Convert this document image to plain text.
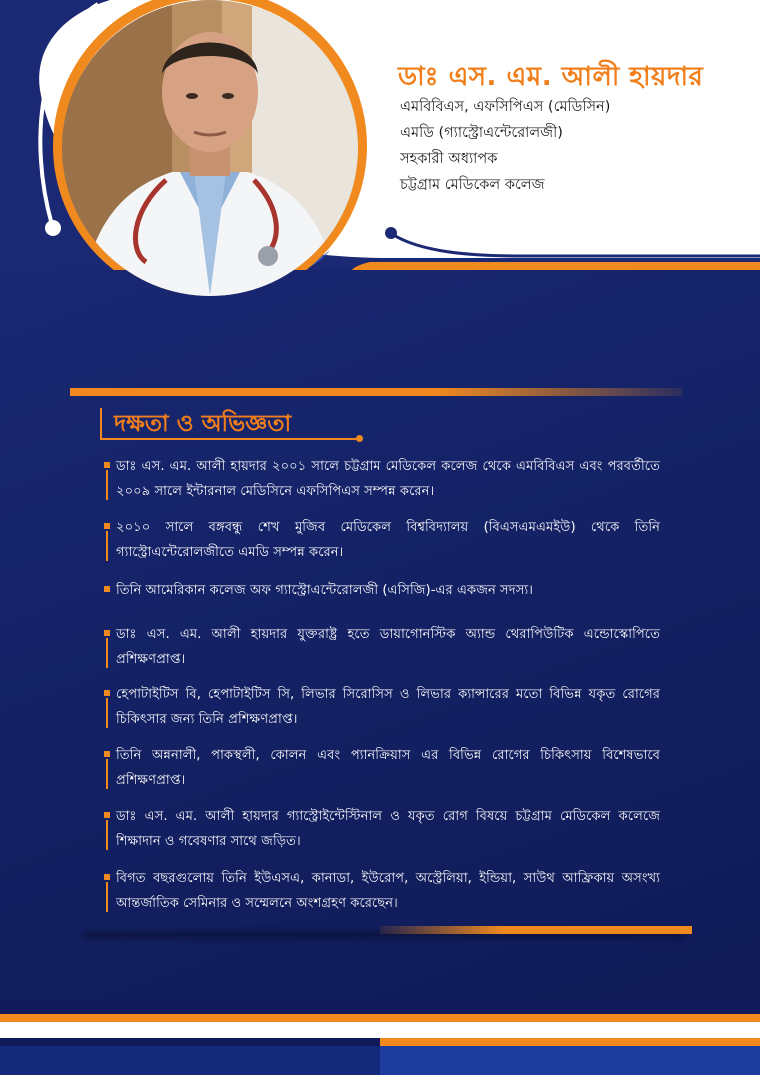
ডাঃ এস. এম. আলী হায়দার
এমবিবিএস, এফসিপিএস (মেডিসিন)
এমডি (গ্যাস্ট্রোএন্টেরোলজী)
সহকারী অধ্যাপক
চট্টগ্রাম মেডিকেল কলেজ
দক্ষতা ও অভিজ্ঞতা
ডাঃ এস. এম. আলী হায়দার ২০০১ সালে চট্টগ্রাম মেডিকেল কলেজ থেকে এমবিবিএস এবং পরবর্তীতে ২০০৯ সালে ইন্টারনাল মেডিসিনে এফসিপিএস সম্পন্ন করেন।
২০১০ সালে বঙ্গবন্ধু শেখ মুজিব মেডিকেল বিশ্ববিদ্যালয় (বিএসএমএমইউ) থেকে তিনি গ্যাস্ট্রোএন্টেরোলজীতে এমডি সম্পন্ন করেন।
তিনি আমেরিকান কলেজ অফ গ্যাস্ট্রোএন্টেরোলজী (এসিজি)-এর একজন সদস্য।
ডাঃ এস. এম. আলী হায়দার যুক্তরাষ্ট্র হতে ডায়াগোনস্টিক অ্যান্ড থেরাপিউটিক এন্ডোস্কোপিতে প্রশিক্ষণপ্রাপ্ত।
হেপাটাইটিস বি, হেপাটাইটিস সি, লিভার সিরোসিস ও লিভার ক্যান্সারের মতো বিভিন্ন যকৃত রোগের চিকিৎসার জন্য তিনি প্রশিক্ষণপ্রাপ্ত।
তিনি অন্ননালী, পাকস্থলী, কোলন এবং প্যানক্রিয়াস এর বিভিন্ন রোগের চিকিৎসায় বিশেষভাবে প্রশিক্ষণপ্রাপ্ত।
ডাঃ এস. এম. আলী হায়দার গ্যাস্ট্রোইন্টেস্টিনাল ও যকৃত রোগ বিষয়ে চট্টগ্রাম মেডিকেল কলেজে শিক্ষাদান ও গবেষণার সাথে জড়িত।
বিগত বছরগুলোয় তিনি ইউএসএ, কানাডা, ইউরোপ, অস্ট্রেলিয়া, ইন্ডিয়া, সাউথ আফ্রিকায় অসংখ্য আন্তর্জাতিক সেমিনার ও সম্মেলনে অংশগ্রহণ করেছেন।
